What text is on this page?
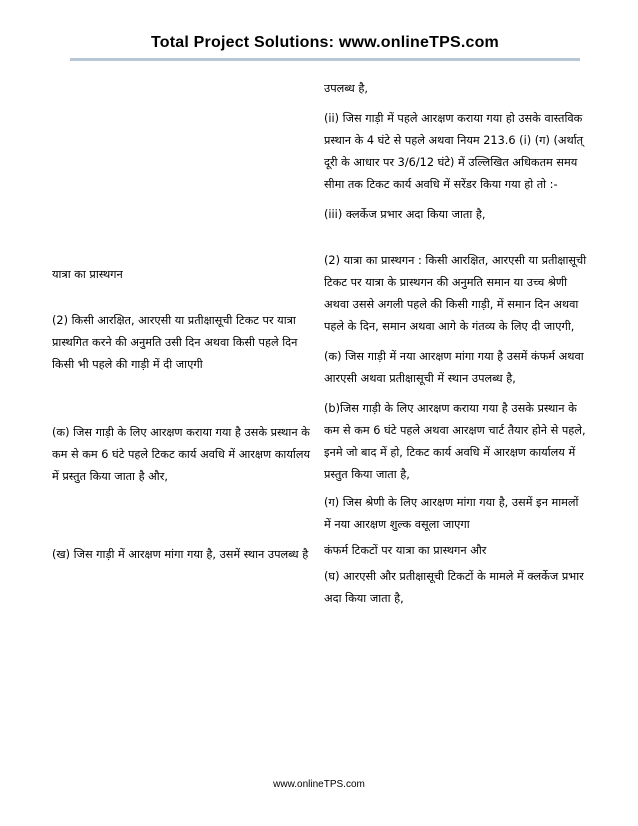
Total Project Solutions: www.onlineTPS.com

उपलब्ध है,

(ii) जिस गाड़ी में पहले आरक्षण कराया गया हो उसके वास्तविक प्रस्थान के 4 घंटे से पहले अथवा नियम 213.6 (i) (ग) (अर्थात् दूरी के आधार पर 3/6/12 घंटे) में उल्लिखित अधिकतम समय सीमा तक टिकट कार्य अवधि में सरेंडर किया गया हो तो :-

(iii) क्लर्केज प्रभार अदा किया जाता है,

(2) यात्रा का प्रास्थगन : किसी आरक्षित, आरएसी या प्रतीक्षासूची टिकट पर यात्रा के प्रास्थगन की अनुमति समान या उच्च श्रेणी अथवा उससे अगली पहले की किसी गाड़ी, में समान दिन अथवा पहले के दिन, समान अथवा आगे के गंतव्य के लिए दी जाएगी,

(क) जिस गाड़ी में नया आरक्षण मांगा गया है उसमें कंफर्म अथवा आरएसी अथवा प्रतीक्षासूची में स्थान उपलब्ध है,

(b)जिस गाड़ी के लिए आरक्षण कराया गया है उसके प्रस्थान के कम से कम 6 घंटे पहले अथवा आरक्षण चार्ट तैयार होने से पहले, इनमे जो बाद में हो, टिकट कार्य अवधि में आरक्षण कार्यालय में प्रस्तुत किया जाता है,

(ग) जिस श्रेणी के लिए आरक्षण मांगा गया है, उसमें इन मामलों में नया आरक्षण शुल्क वसूला जाएगा

कंफर्म टिकटों पर यात्रा का प्रास्थगन और

(घ) आरएसी और प्रतीक्षासूची टिकटों के मामले में क्लर्केज प्रभार अदा किया जाता है,

यात्रा का प्रास्थगन
(2) किसी आरक्षित, आरएसी या प्रतीक्षासूची टिकट पर यात्रा प्रास्थगित करने की अनुमति उसी दिन अथवा किसी पहले दिन किसी भी पहले की गाड़ी में दी जाएगी
(क) जिस गाड़ी के लिए आरक्षण कराया गया है उसके प्रस्थान के कम से कम 6 घंटे पहले टिकट कार्य अवधि में आरक्षण कार्यालय में प्रस्तुत किया जाता है और,
(ख) जिस गाड़ी में आरक्षण मांगा गया है, उसमें स्थान उपलब्ध है
www.onlineTPS.com
